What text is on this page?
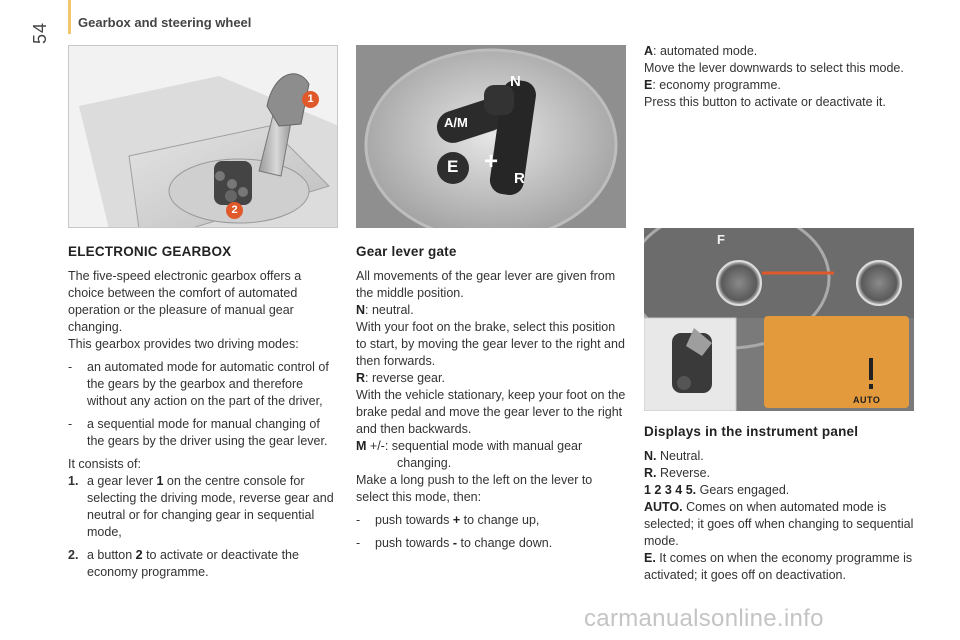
54 Gearbox and steering wheel
1
2
N
A/M
E +
R
ELECTRONIC GEARBOX

The five-speed electronic gearbox offers a choice between the comfort of automated operation or the pleasure of manual gear changing.

This gearbox provides two driving modes:

- an automated mode for automatic control of the gears by the gearbox and therefore without any action on the part of the driver,
- a sequential mode for manual changing of the gears by the driver using the gear lever.

It consists of:

1. a gear lever 1 on the centre console for selecting the driving mode, reverse gear and neutral or for changing gear in sequential mode,
2. a button 2 to activate or deactivate the economy programme.
Gear lever gate

All movements of the gear lever are given from the middle position.

N: neutral.

With your foot on the brake, select this position to start, by moving the gear lever to the right and then forwards.

R: reverse gear.

With the vehicle stationary, keep your foot on the brake pedal and move the gear lever to the right and then backwards.

M +/-: sequential mode with manual gear changing.

Make a long push to the left on the lever to select this mode, then:

- push towards + to change up,
- push towards - to change down.

A: automated mode.

Move the lever downwards to select this mode.

E: economy programme.

Press this button to activate or deactivate it.

F
AUTO
Displays in the instrument panel

N. Neutral.

R. Reverse.

1 2 3 4 5. Gears engaged.

AUTO. Comes on when automated mode is selected; it goes off when changing to sequential mode.

E. It comes on when the economy programme is activated; it goes off on deactivation.

carmanualsonline.info
